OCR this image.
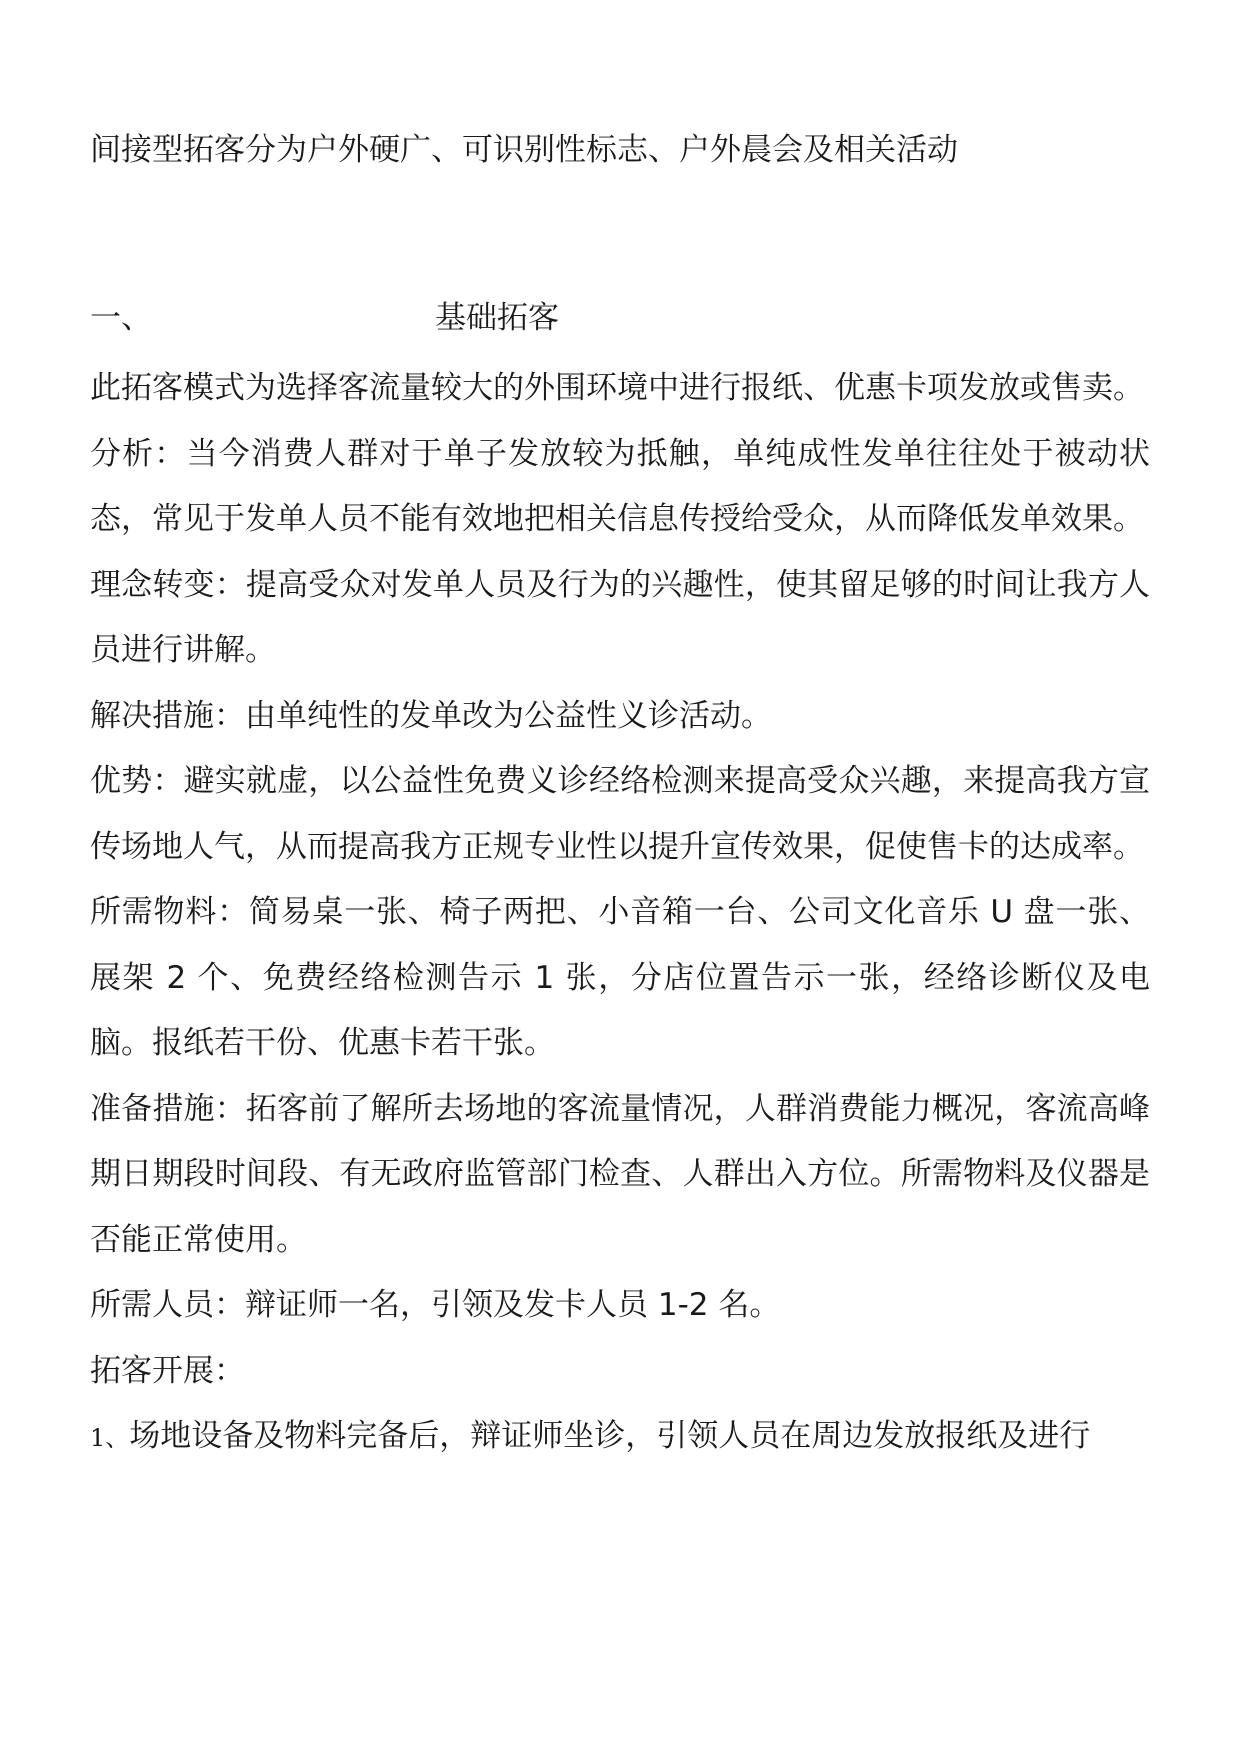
间接型拓客分为户外硬广、可识别性标志、户外晨会及相关活动
一、	基础拓客

此拓客模式为选择客流量较大的外围环境中进行报纸、优惠卡项发放或售卖。

分析：当今消费人群对于单子发放较为抵触，单纯成性发单往往处于被动状态，常见于发单人员不能有效地把相关信息传授给受众，从而降低发单效果。

理念转变：提高受众对发单人员及行为的兴趣性，使其留足够的时间让我方人员进行讲解。

解决措施：由单纯性的发单改为公益性义诊活动。

优势：避实就虚，以公益性免费义诊经络检测来提高受众兴趣，来提高我方宣传场地人气，从而提高我方正规专业性以提升宣传效果，促使售卡的达成率。

所需物料：简易桌一张、椅子两把、小音箱一台、公司文化音乐 U 盘一张、展架 2 个、免费经络检测告示 1 张，分店位置告示一张，经络诊断仪及电脑。报纸若干份、优惠卡若干张。

准备措施：拓客前了解所去场地的客流量情况，人群消费能力概况，客流高峰期日期段时间段、有无政府监管部门检查、人群出入方位。所需物料及仪器是否能正常使用。

所需人员：辩证师一名，引领及发卡人员 1-2 名。

拓客开展：

1、场地设备及物料完备后，辩证师坐诊，引领人员在周边发放报纸及进行
